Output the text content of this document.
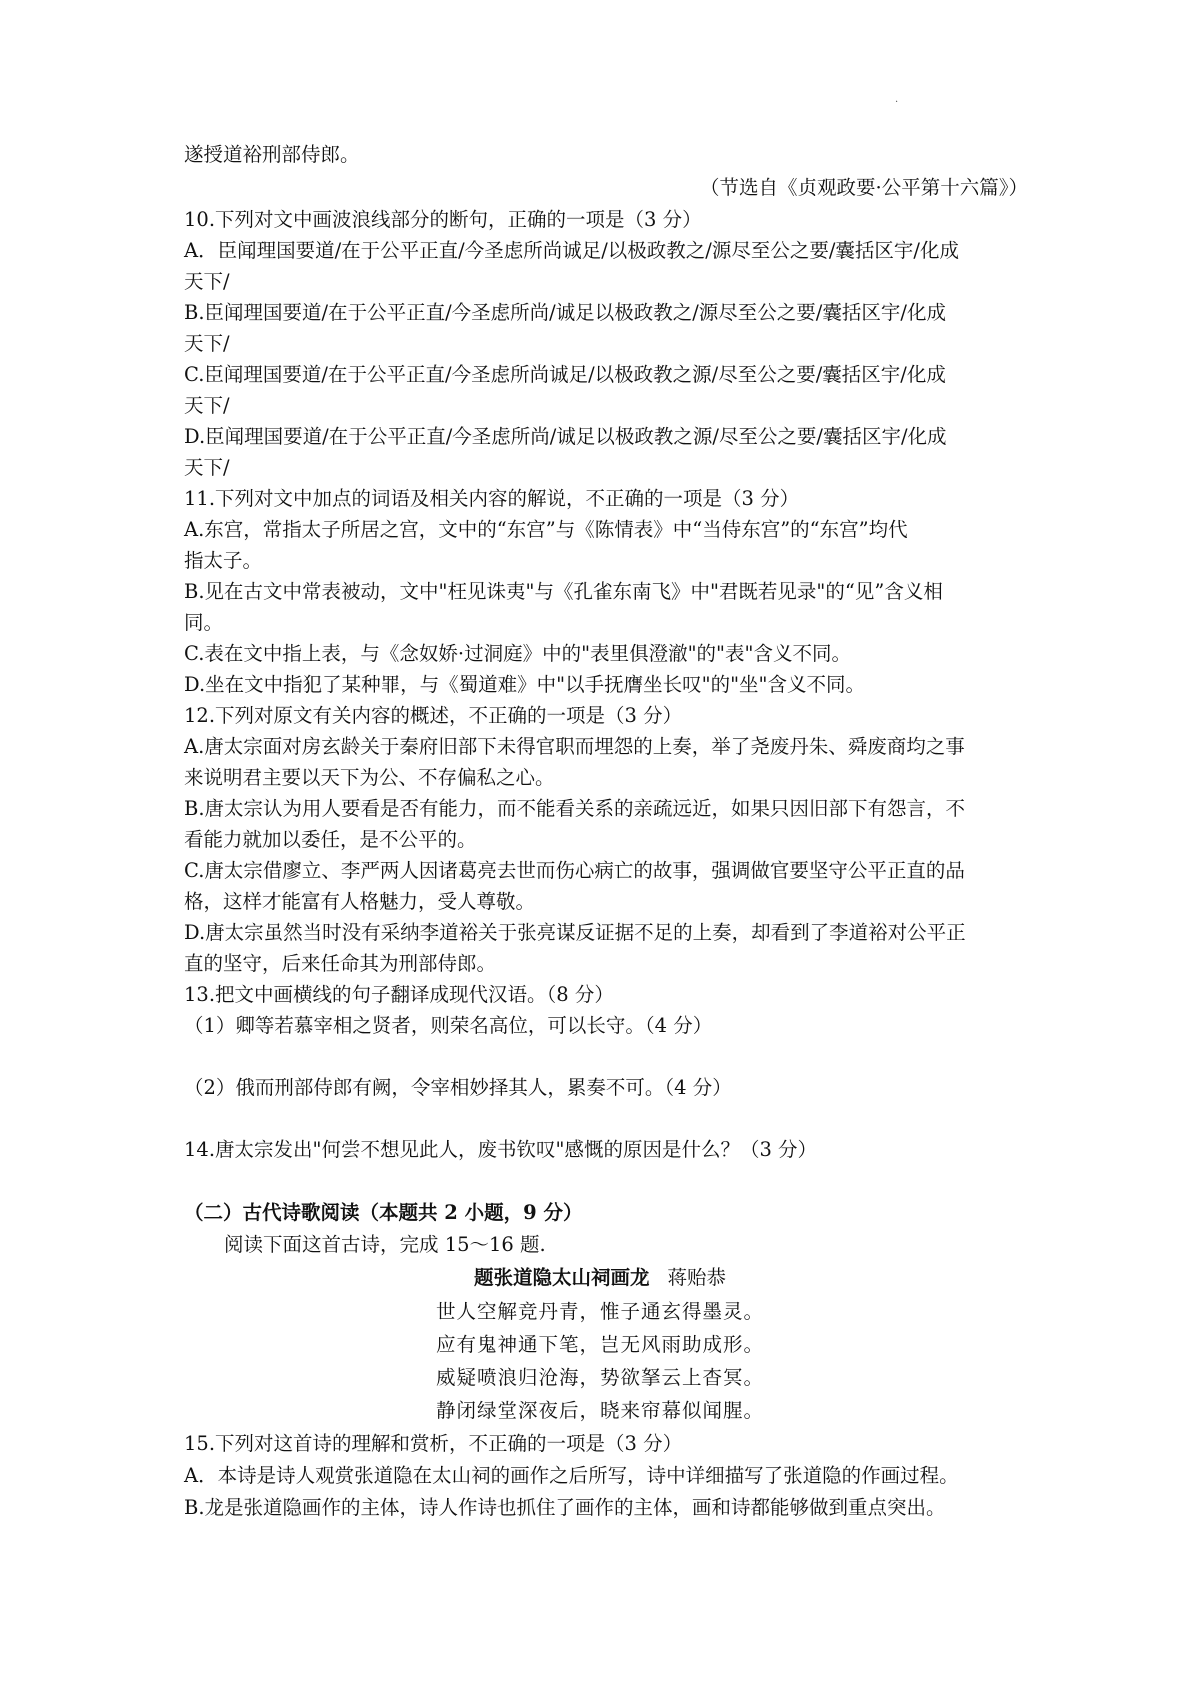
.
遂授道裕刑部侍郎。
（节选自《贞观政要·公平第十六篇》）
10.下列对文中画波浪线部分的断句，正确的一项是（3 分）
A．臣闻理国要道/在于公平正直/今圣虑所尚诚足/以极政教之/源尽至公之要/囊括区宇/化成
天下/
B.臣闻理国要道/在于公平正直/今圣虑所尚/诚足以极政教之/源尽至公之要/囊括区宇/化成
天下/
C.臣闻理国要道/在于公平正直/今圣虑所尚诚足/以极政教之源/尽至公之要/囊括区宇/化成
天下/
D.臣闻理国要道/在于公平正直/今圣虑所尚/诚足以极政教之源/尽至公之要/囊括区宇/化成
天下/
11.下列对文中加点的词语及相关内容的解说，不正确的一项是（3 分）
A.东宫，常指太子所居之宫，文中的“东宫”与《陈情表》中“当侍东宫”的“东宫”均代
指太子。
B.见在古文中常表被动，文中"枉见诛夷"与《孔雀东南飞》中"君既若见录"的“见”含义相
同。
C.表在文中指上表，与《念奴娇·过洞庭》中的"表里俱澄澈"的"表"含义不同。
D.坐在文中指犯了某种罪，与《蜀道难》中"以手抚膺坐长叹"的"坐"含义不同。
12.下列对原文有关内容的概述，不正确的一项是（3 分）
A.唐太宗面对房玄龄关于秦府旧部下未得官职而埋怨的上奏，举了尧废丹朱、舜废商均之事
来说明君主要以天下为公、不存偏私之心。
B.唐太宗认为用人要看是否有能力，而不能看关系的亲疏远近，如果只因旧部下有怨言，不
看能力就加以委任，是不公平的。
C.唐太宗借廖立、李严两人因诸葛亮去世而伤心病亡的故事，强调做官要坚守公平正直的品
格，这样才能富有人格魅力，受人尊敬。
D.唐太宗虽然当时没有采纳李道裕关于张亮谋反证据不足的上奏，却看到了李道裕对公平正
直的坚守，后来任命其为刑部侍郎。
13.把文中画横线的句子翻译成现代汉语。（8 分）
（1）卿等若慕宰相之贤者，则荣名高位，可以长守。（4 分）
（2）俄而刑部侍郎有阙，令宰相妙择其人，累奏不可。（4 分）
14.唐太宗发出"何尝不想见此人，废书钦叹"感慨的原因是什么？（3 分）
（二）古代诗歌阅读（本题共 2 小题，9 分）
阅读下面这首古诗，完成 15～16 题.
题张道隐太山祠画龙 蒋贻恭
世人空解竞丹青，惟子通玄得墨灵。
应有鬼神通下笔，岂无风雨助成形。
威疑喷浪归沧海，势欲拏云上杳冥。
静闭绿堂深夜后，晓来帘幕似闻腥。
15.下列对这首诗的理解和赏析，不正确的一项是（3 分）
A．本诗是诗人观赏张道隐在太山祠的画作之后所写，诗中详细描写了张道隐的作画过程。
B.龙是张道隐画作的主体，诗人作诗也抓住了画作的主体，画和诗都能够做到重点突出。
